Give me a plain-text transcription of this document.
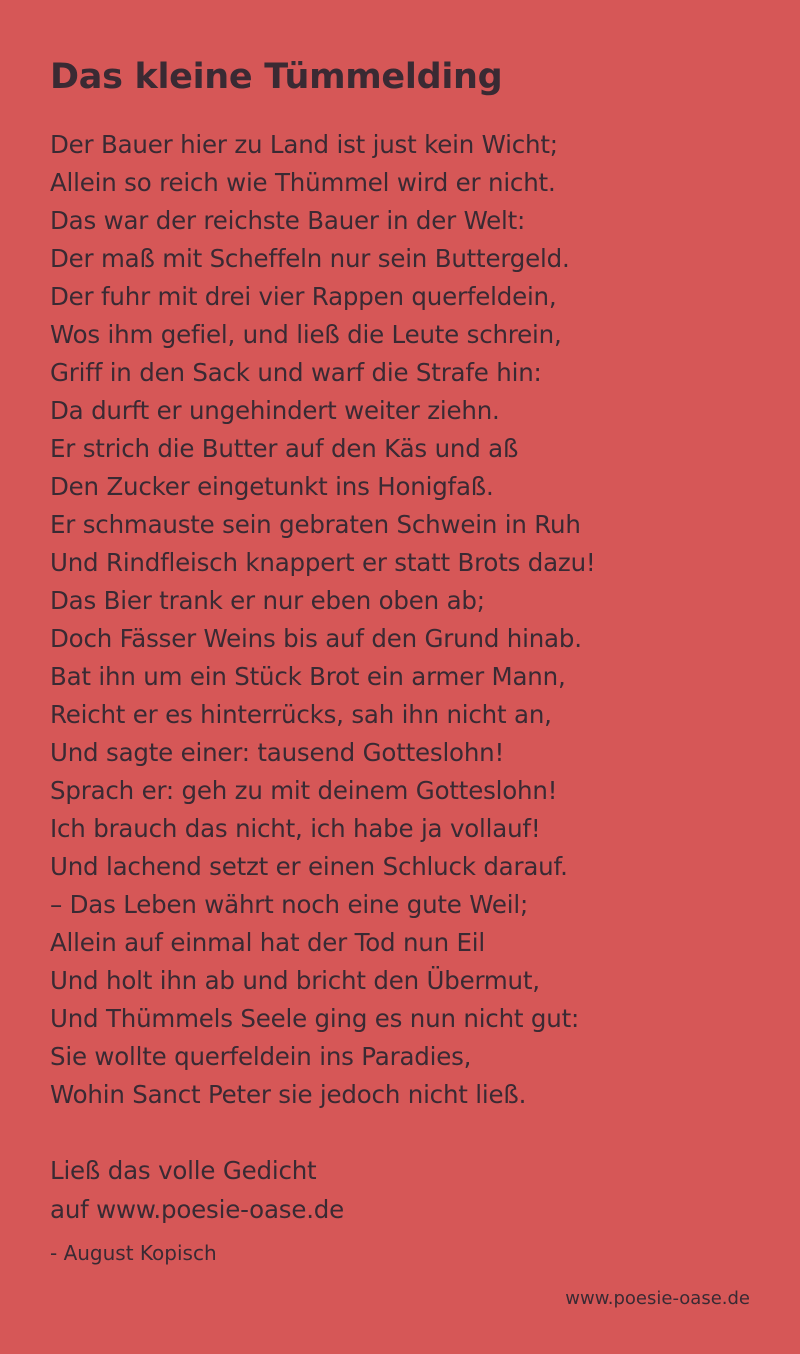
Das kleine Tümmelding
Der Bauer hier zu Land ist just kein Wicht;
Allein so reich wie Thümmel wird er nicht.
Das war der reichste Bauer in der Welt:
Der maß mit Scheffeln nur sein Buttergeld.
Der fuhr mit drei vier Rappen querfeldein,
Wos ihm gefiel, und ließ die Leute schrein,
Griff in den Sack und warf die Strafe hin:
Da durft er ungehindert weiter ziehn.
Er strich die Butter auf den Käs und aß
Den Zucker eingetunkt ins Honigfaß.
Er schmauste sein gebraten Schwein in Ruh
Und Rindfleisch knappert er statt Brots dazu!
Das Bier trank er nur eben oben ab;
Doch Fässer Weins bis auf den Grund hinab.
Bat ihn um ein Stück Brot ein armer Mann,
Reicht er es hinterrücks, sah ihn nicht an,
Und sagte einer: tausend Gotteslohn!
Sprach er: geh zu mit deinem Gotteslohn!
Ich brauch das nicht, ich habe ja vollauf!
Und lachend setzt er einen Schluck darauf.
– Das Leben währt noch eine gute Weil;
Allein auf einmal hat der Tod nun Eil
Und holt ihn ab und bricht den Übermut,
Und Thümmels Seele ging es nun nicht gut:
Sie wollte querfeldein ins Paradies,
Wohin Sanct Peter sie jedoch nicht ließ.
Ließ das volle Gedicht
auf www.poesie-oase.de
- August Kopisch
www.poesie-oase.de
